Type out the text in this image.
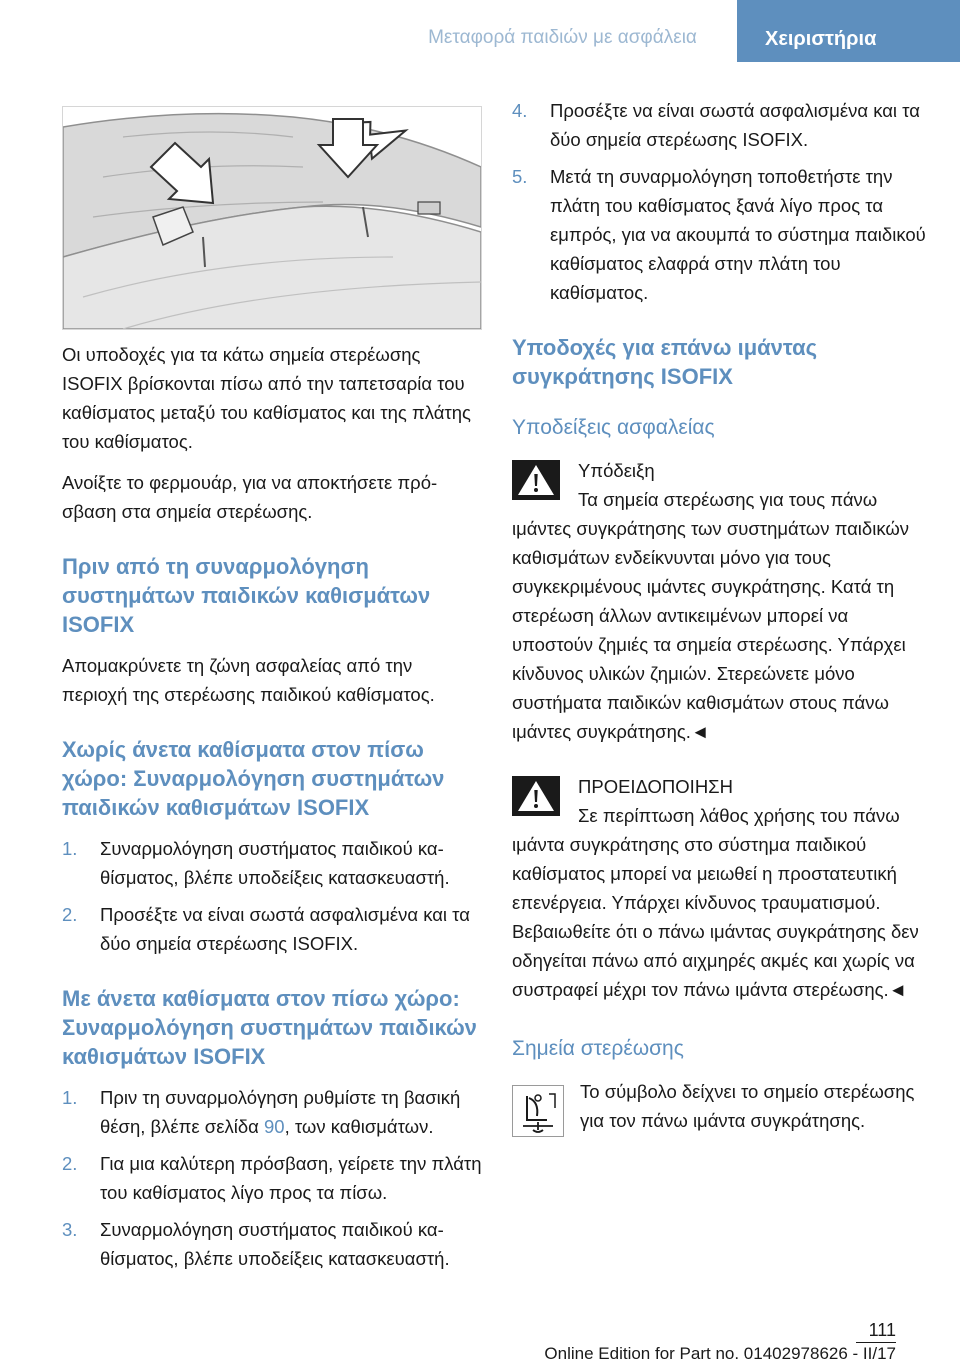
Μεταφορά παιδιών με ασφάλεια	Χειριστήρια

Οι υποδοχές για τα κάτω σημεία στερέωσης ISOFIX βρίσκονται πίσω από την ταπετσαρία του καθίσματος μεταξύ του καθίσματος και της πλάτης του καθίσματος.

Ανοίξτε το φερμουάρ, για να αποκτήσετε πρόσβαση στα σημεία στερέωσης.

Πριν από τη συναρμολόγηση συστημάτων παιδικών καθισμάτων ISOFIX

Απομακρύνετε τη ζώνη ασφαλείας από την περιοχή της στερέωσης παιδικού καθίσματος.

Χωρίς άνετα καθίσματα στον πίσω χώρο: Συναρμολόγηση συστημάτων παιδικών καθισμάτων ISOFIX
1. Συναρμολόγηση συστήματος παιδικού καθίσματος, βλέπε υποδείξεις κατασκευαστή.
2. Προσέξτε να είναι σωστά ασφαλισμένα και τα δύο σημεία στερέωσης ISOFIX.
Με άνετα καθίσματα στον πίσω χώρο: Συναρμολόγηση συστημάτων παιδικών καθισμάτων ISOFIX
1. Πριν τη συναρμολόγηση ρυθμίστε τη βασική θέση, βλέπε σελίδα 90, των καθισμάτων.
2. Για μια καλύτερη πρόσβαση, γείρετε την πλάτη του καθίσματος λίγο προς τα πίσω.
3. Συναρμολόγηση συστήματος παιδικού καθίσματος, βλέπε υποδείξεις κατασκευαστή.
4. Προσέξτε να είναι σωστά ασφαλισμένα και τα δύο σημεία στερέωσης ISOFIX.
5. Μετά τη συναρμολόγηση τοποθετήστε την πλάτη του καθίσματος ξανά λίγο προς τα εμπρός, για να ακουμπά το σύστημα παιδικού καθίσματος ελαφρά στην πλάτη του καθίσματος.
Υποδοχές για επάνω ιμάντας συγκράτησης ISOFIX
Υποδείξεις ασφαλείας
Υπόδειξη
Τα σημεία στερέωσης για τους πάνω ιμάντες συγκράτησης των συστημάτων παιδικών καθισμάτων ενδείκνυνται μόνο για τους συγκεκριμένους ιμάντες συγκράτησης. Κατά τη στερέωση άλλων αντικειμένων μπορεί να υποστούν ζημιές τα σημεία στερέωσης. Υπάρχει κίνδυνος υλικών ζημιών. Στερεώνετε μόνο συστήματα παιδικών καθισμάτων στους πάνω ιμάντες συγκράτησης.◄
ΠΡΟΕΙΔΟΠΟΙΗΣΗ
Σε περίπτωση λάθος χρήσης του πάνω ιμάντα συγκράτησης στο σύστημα παιδικού καθίσματος μπορεί να μειωθεί η προστατευτική επενέργεια. Υπάρχει κίνδυνος τραυματισμού. Βεβαιωθείτε ότι ο πάνω ιμάντας συγκράτησης δεν οδηγείται πάνω από αιχμηρές ακμές και χωρίς να συστραφεί μέχρι τον πάνω ιμάντα στερέωσης.◄
Σημεία στερέωσης

Το σύμβολο δείχνει το σημείο στερέωσης για τον πάνω ιμάντα συγκράτησης.

111
Online Edition for Part no. 01402978626 - II/17
